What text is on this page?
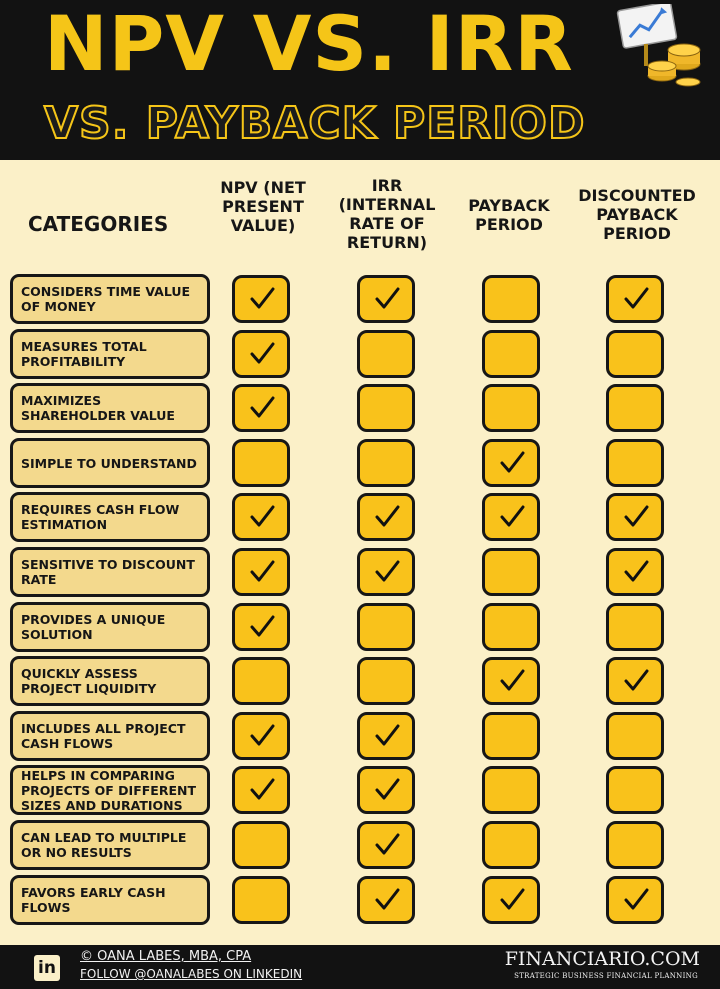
NPV VS. IRR
VS. PAYBACK PERIOD
CATEGORIES
NPV (NET
PRESENT
VALUE)
IRR
(INTERNAL
RATE OF
RETURN)
PAYBACK
PERIOD
DISCOUNTED
PAYBACK
PERIOD
CONSIDERS TIME VALUE OF MONEY
MEASURES TOTAL PROFITABILITY
MAXIMIZES SHAREHOLDER VALUE
SIMPLE TO UNDERSTAND
REQUIRES CASH FLOW ESTIMATION
SENSITIVE TO DISCOUNT RATE
PROVIDES A UNIQUE SOLUTION
QUICKLY ASSESS PROJECT LIQUIDITY
INCLUDES ALL PROJECT CASH FLOWS
HELPS IN COMPARING PROJECTS OF DIFFERENT SIZES AND DURATIONS
CAN LEAD TO MULTIPLE OR NO RESULTS
FAVORS EARLY CASH FLOWS
in
© OANA LABES, MBA, CPA
FOLLOW @OANALABES ON LINKEDIN
FINANCIARIO.COM
STRATEGIC BUSINESS FINANCIAL PLANNING
